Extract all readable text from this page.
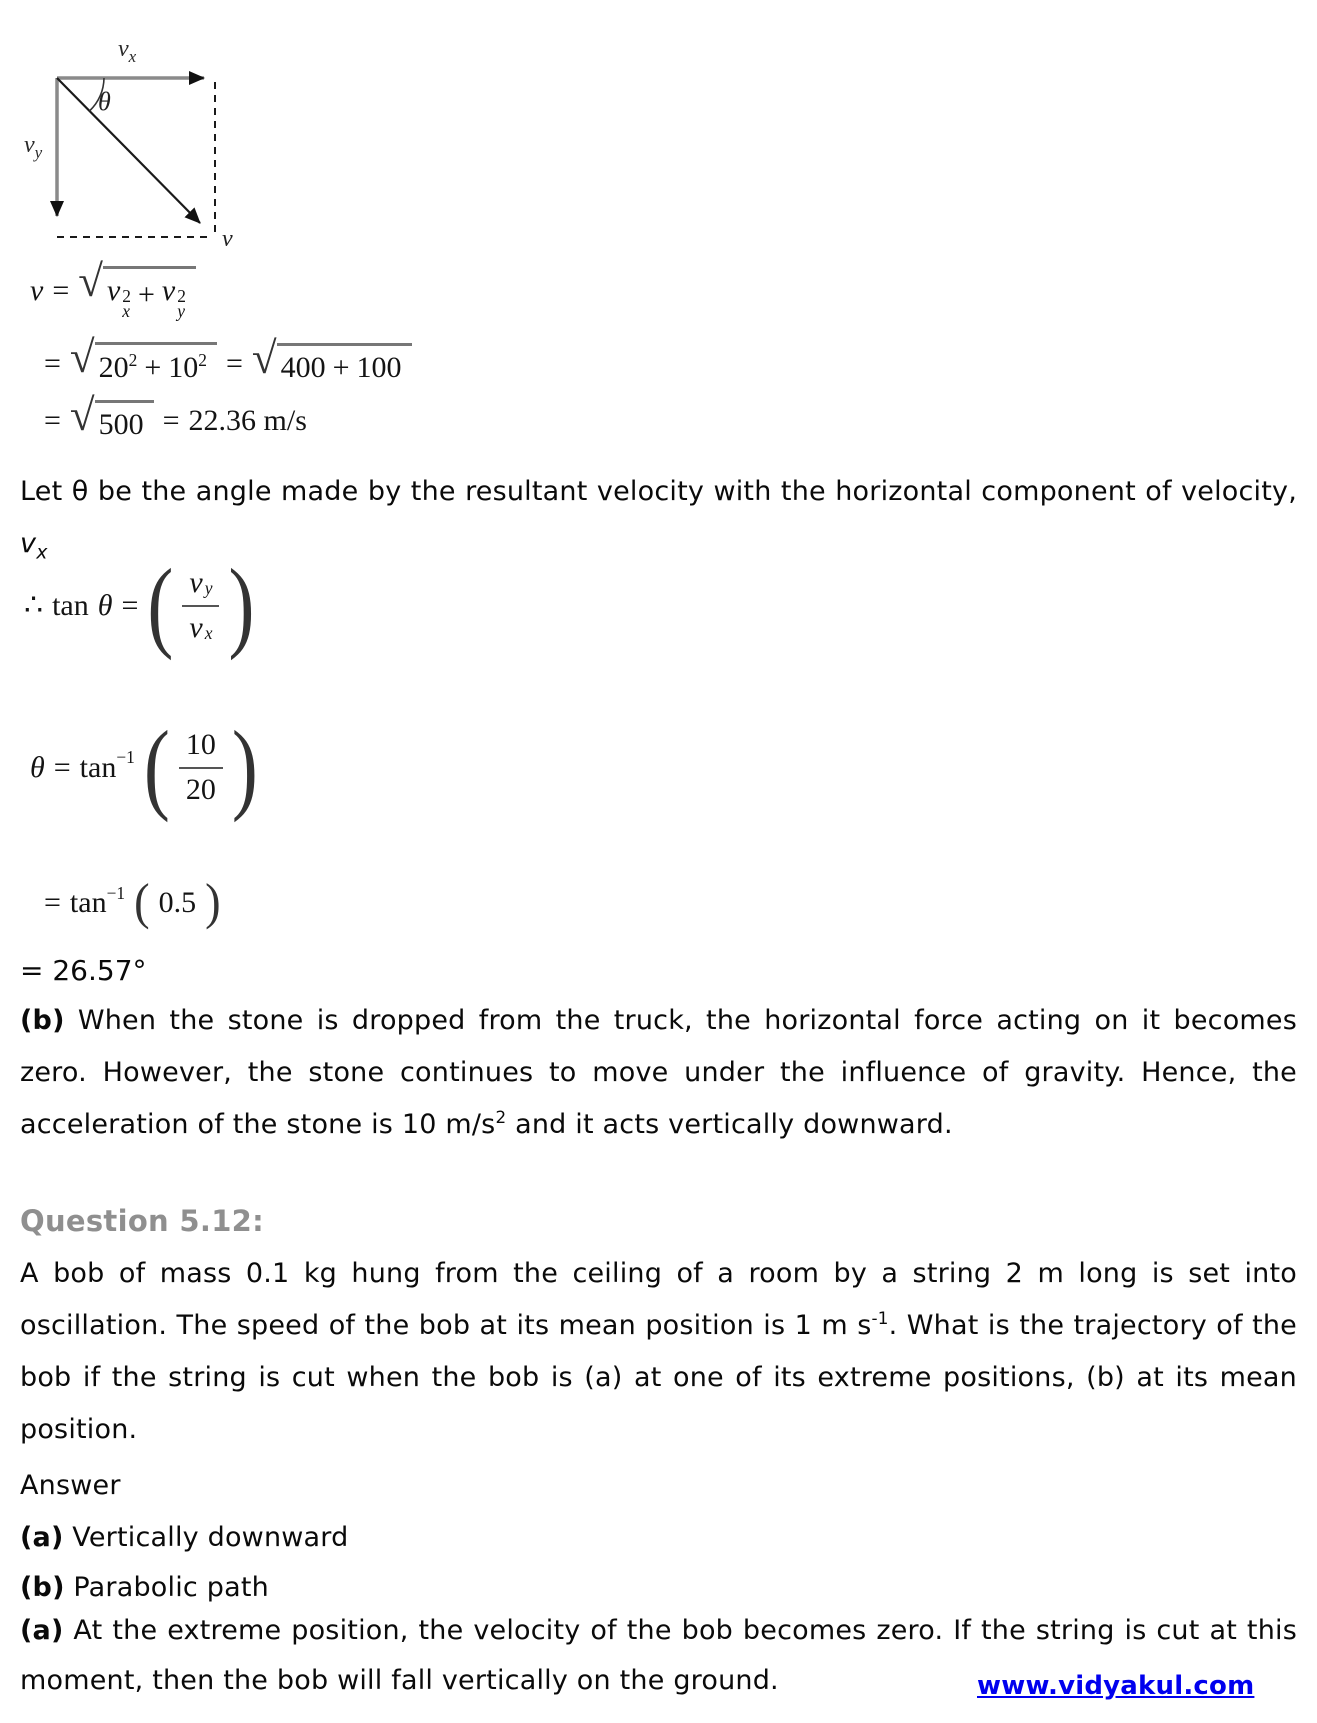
$v_x$
θ
$v_y$
v
v = √ v 2
x + v 2
y
= √ $20^2 + 10^2$ = √ 400 + 100
= √ 500 = 22.36 m/s
Let θ be the angle made by the resultant velocity with the horizontal component of velocity, $v_x$
∴ tan θ = ( $\frac{\text{v y}}{\text{v x}}$ )
$\theta = \tan^{-1}$ ( $\frac{10}{20}$ )
= $\tan^{-1}$ ( 0.5 )
= 26.57°
(b) When the stone is dropped from the truck, the horizontal force acting on it becomes zero. However, the stone continues to move under the influence of gravity. Hence, the acceleration of the stone is 10 $m/s^2$ and it acts vertically downward.
Question 5.12:
A bob of mass 0.1 kg hung from the ceiling of a room by a string 2 m long is set into oscillation. The speed of the bob at its mean position is 1 m $s^{-1}$. What is the trajectory of the bob if the string is cut when the bob is (a) at one of its extreme positions, (b) at its mean position.
Answer
(a) Vertically downward
(b) Parabolic path
(a) At the extreme position, the velocity of the bob becomes zero. If the string is cut at this moment, then the bob will fall vertically on the ground.	www.vidyakul.com
